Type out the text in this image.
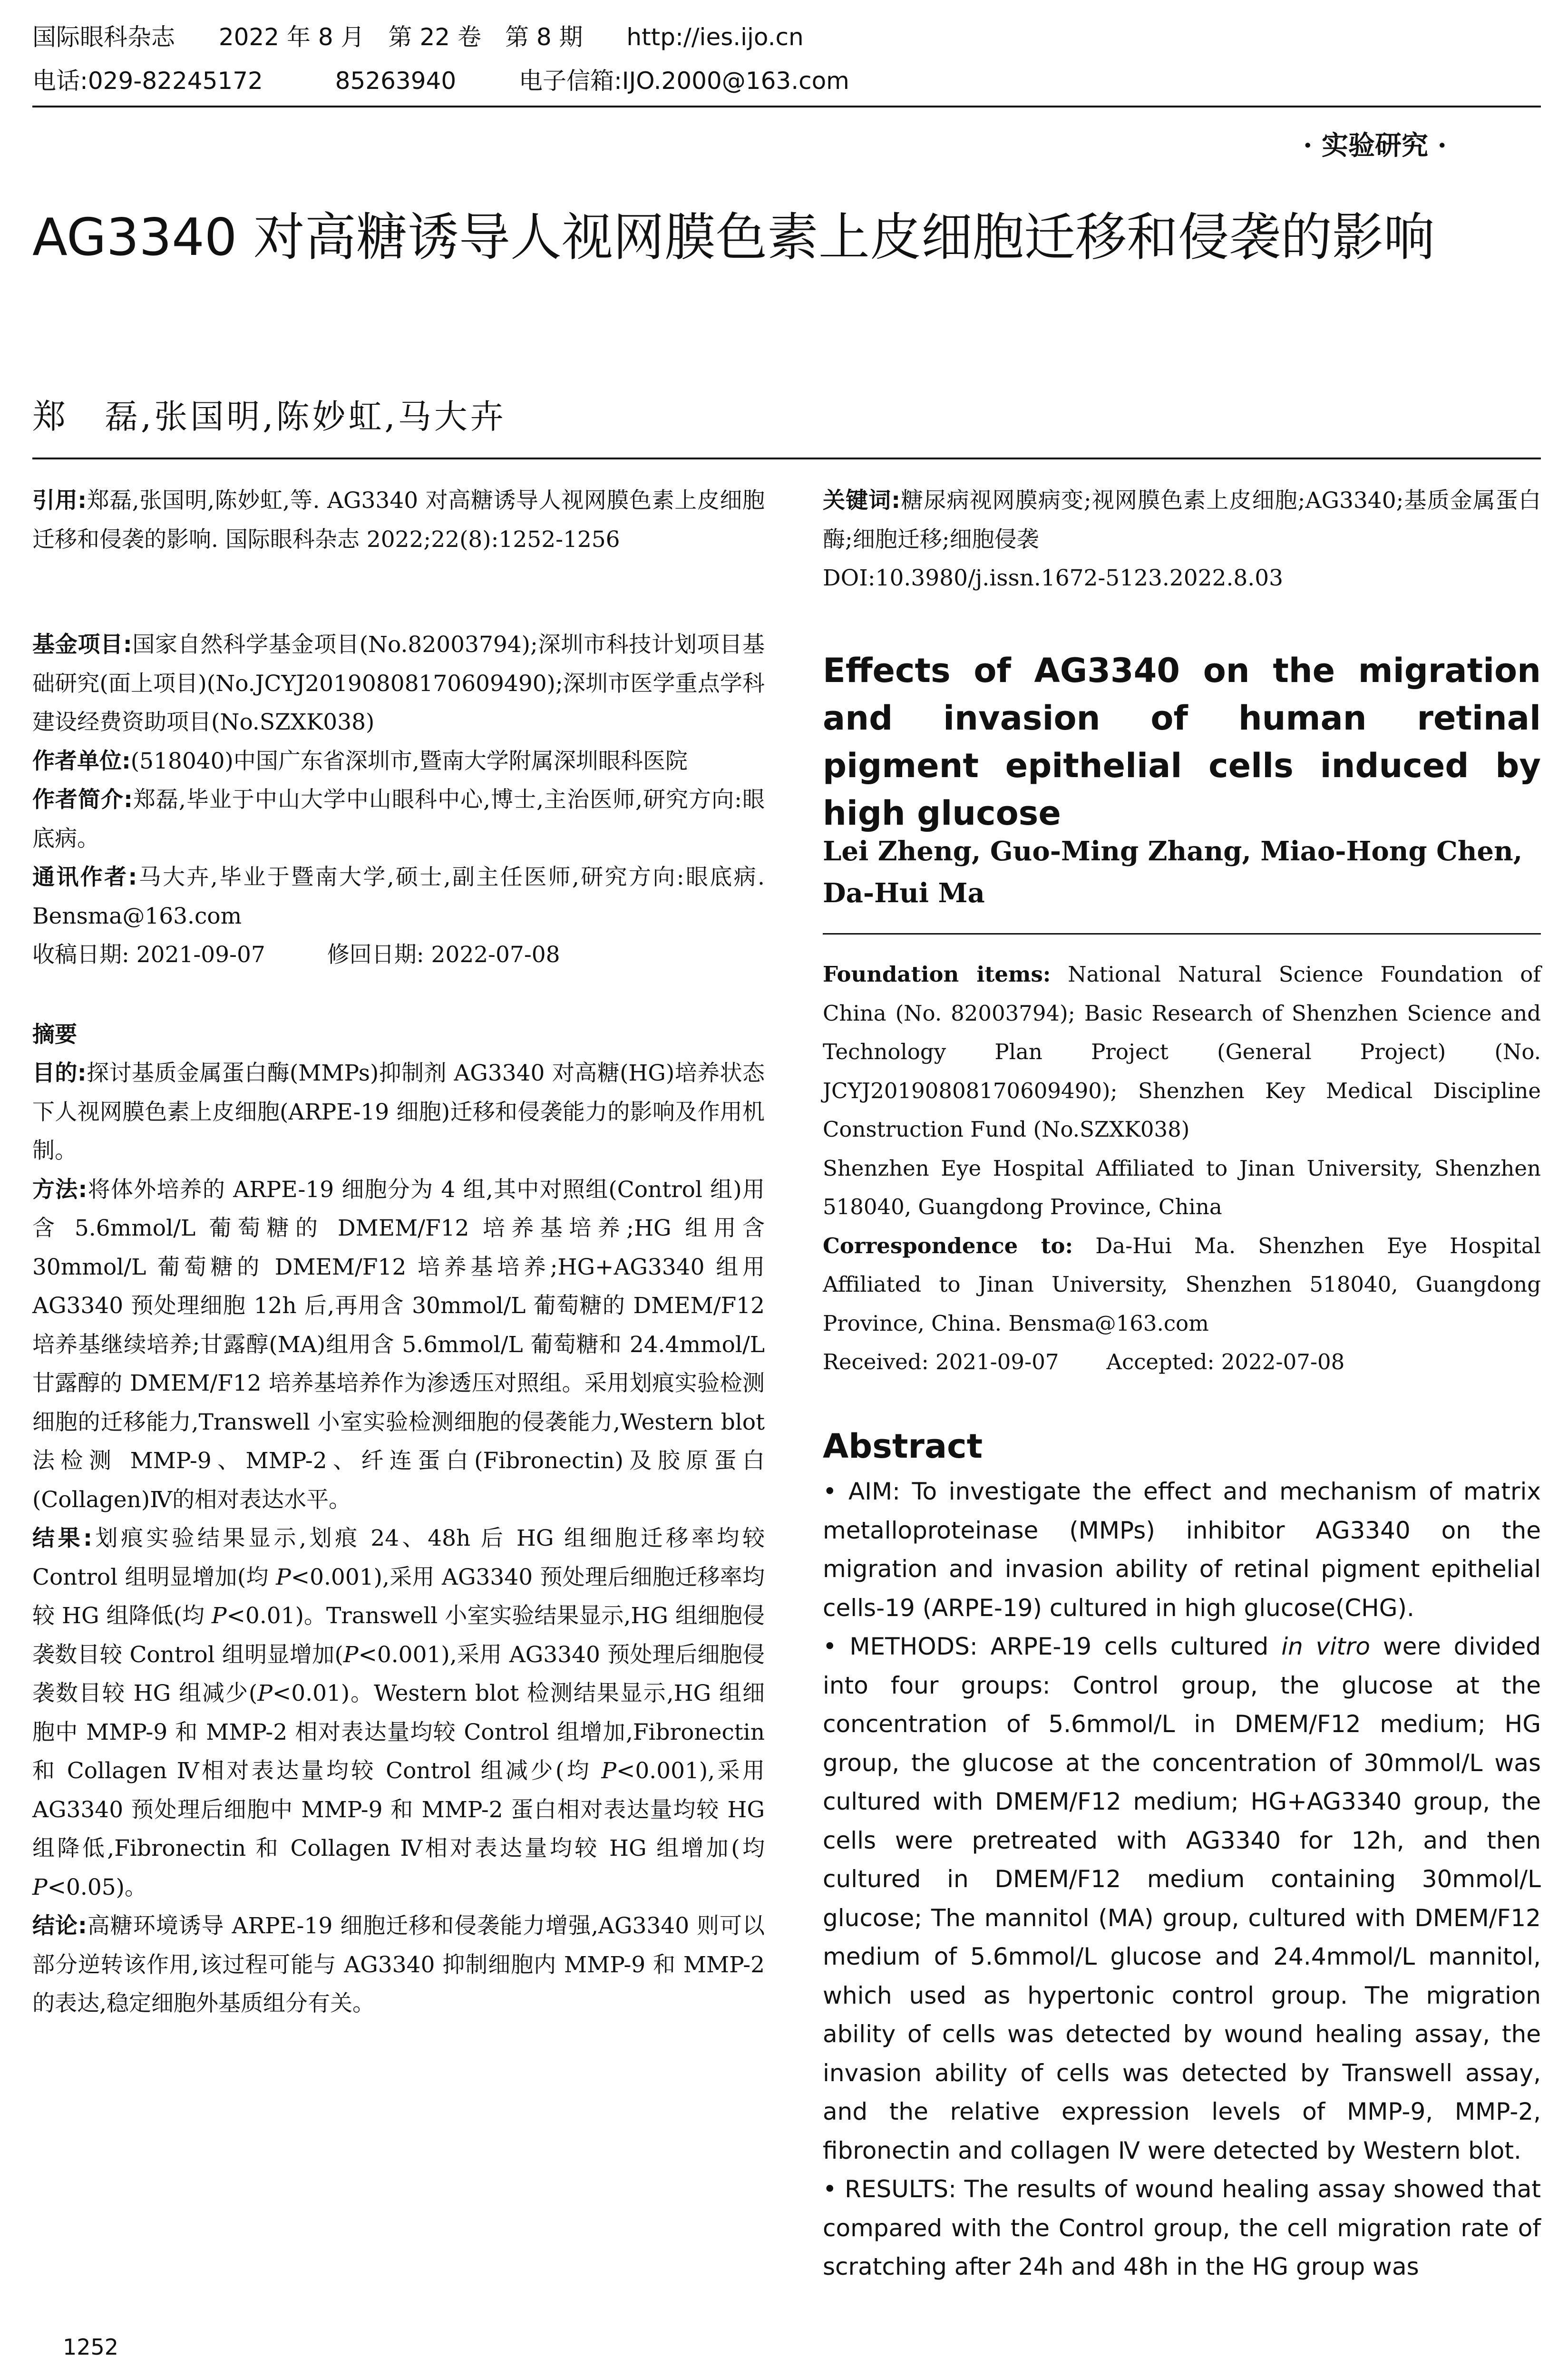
国际眼科杂志 2022 年 8 月　第 22 卷　第 8 期 http://ies.ijo.cn
电话:029-82245172	85263940	电子信箱:IJO.2000@163.com
· 实验研究 ·
AG3340 对高糖诱导人视网膜色素上皮细胞迁移和侵袭的影响
郑　磊,张国明,陈妙虹,马大卉

引用:郑磊,张国明,陈妙虹,等. AG3340 对高糖诱导人视网膜色素上皮细胞迁移和侵袭的影响. 国际眼科杂志 2022;22(8):1252-1256

基金项目:国家自然科学基金项目(No.82003794);深圳市科技计划项目基础研究(面上项目)(No.JCYJ20190808170609490);深圳市医学重点学科建设经费资助项目(No.SZXK038)

作者单位:(518040)中国广东省深圳市,暨南大学附属深圳眼科医院

作者简介:郑磊,毕业于中山大学中山眼科中心,博士,主治医师,研究方向:眼底病。

通讯作者:马大卉,毕业于暨南大学,硕士,副主任医师,研究方向:眼底病. Bensma@163.com

收稿日期: 2021-09-07	修回日期: 2022-07-08

摘要

目的:探讨基质金属蛋白酶(MMPs)抑制剂 AG3340 对高糖(HG)培养状态下人视网膜色素上皮细胞(ARPE-19 细胞)迁移和侵袭能力的影响及作用机制。

方法:将体外培养的 ARPE-19 细胞分为 4 组,其中对照组(Control 组)用含 5.6mmol/L 葡萄糖的 DMEM/F12 培养基培养;HG 组用含 30mmol/L 葡萄糖的 DMEM/F12 培养基培养;HG+AG3340 组用 AG3340 预处理细胞 12h 后,再用含 30mmol/L 葡萄糖的 DMEM/F12 培养基继续培养;甘露醇(MA)组用含 5.6mmol/L 葡萄糖和 24.4mmol/L 甘露醇的 DMEM/F12 培养基培养作为渗透压对照组。采用划痕实验检测细胞的迁移能力,Transwell 小室实验检测细胞的侵袭能力,Western blot 法检测 MMP-9、MMP-2、纤连蛋白(Fibronectin)及胶原蛋白(Collagen)Ⅳ的相对表达水平。

结果:划痕实验结果显示,划痕 24、48h 后 HG 组细胞迁移率均较 Control 组明显增加(均 P<0.001),采用 AG3340 预处理后细胞迁移率均较 HG 组降低(均 P<0.01)。Transwell 小室实验结果显示,HG 组细胞侵袭数目较 Control 组明显增加(P<0.001),采用 AG3340 预处理后细胞侵袭数目较 HG 组减少(P<0.01)。Western blot 检测结果显示,HG 组细胞中 MMP-9 和 MMP-2 相对表达量均较 Control 组增加,Fibronectin 和 Collagen Ⅳ相对表达量均较 Control 组减少(均 P<0.001),采用 AG3340 预处理后细胞中 MMP-9 和 MMP-2 蛋白相对表达量均较 HG 组降低,Fibronectin 和 Collagen Ⅳ相对表达量均较 HG 组增加(均 P<0.05)。

结论:高糖环境诱导 ARPE-19 细胞迁移和侵袭能力增强,AG3340 则可以部分逆转该作用,该过程可能与 AG3340 抑制细胞内 MMP-9 和 MMP-2 的表达,稳定细胞外基质组分有关。

关键词:糖尿病视网膜病变;视网膜色素上皮细胞;AG3340;基质金属蛋白酶;细胞迁移;细胞侵袭

DOI:10.3980/j.issn.1672-5123.2022.8.03

Effects of AG3340 on the migration and invasion of human retinal pigment epithelial cells induced by high glucose
Lei Zheng, Guo-Ming Zhang, Miao-Hong Chen, Da-Hui Ma

Foundation items: National Natural Science Foundation of China (No. 82003794); Basic Research of Shenzhen Science and Technology Plan Project (General Project) (No. JCYJ20190808170609490); Shenzhen Key Medical Discipline Construction Fund (No.SZXK038)

Shenzhen Eye Hospital Affiliated to Jinan University, Shenzhen 518040, Guangdong Province, China

Correspondence to: Da-Hui Ma. Shenzhen Eye Hospital Affiliated to Jinan University, Shenzhen 518040, Guangdong Province, China. Bensma@163.com

Received: 2021-09-07 Accepted: 2022-07-08

Abstract

• AIM: To investigate the effect and mechanism of matrix metalloproteinase (MMPs) inhibitor AG3340 on the migration and invasion ability of retinal pigment epithelial cells-19 (ARPE-19) cultured in high glucose(CHG).

• METHODS: ARPE-19 cells cultured in vitro were divided into four groups: Control group, the glucose at the concentration of 5.6mmol/L in DMEM/F12 medium; HG group, the glucose at the concentration of 30mmol/L was cultured with DMEM/F12 medium; HG+AG3340 group, the cells were pretreated with AG3340 for 12h, and then cultured in DMEM/F12 medium containing 30mmol/L glucose; The mannitol (MA) group, cultured with DMEM/F12 medium of 5.6mmol/L glucose and 24.4mmol/L mannitol, which used as hypertonic control group. The migration ability of cells was detected by wound healing assay, the invasion ability of cells was detected by Transwell assay, and the relative expression levels of MMP-9, MMP-2, fibronectin and collagen Ⅳ were detected by Western blot.

• RESULTS: The results of wound healing assay showed that compared with the Control group, the cell migration rate of scratching after 24h and 48h in the HG group was

1252
